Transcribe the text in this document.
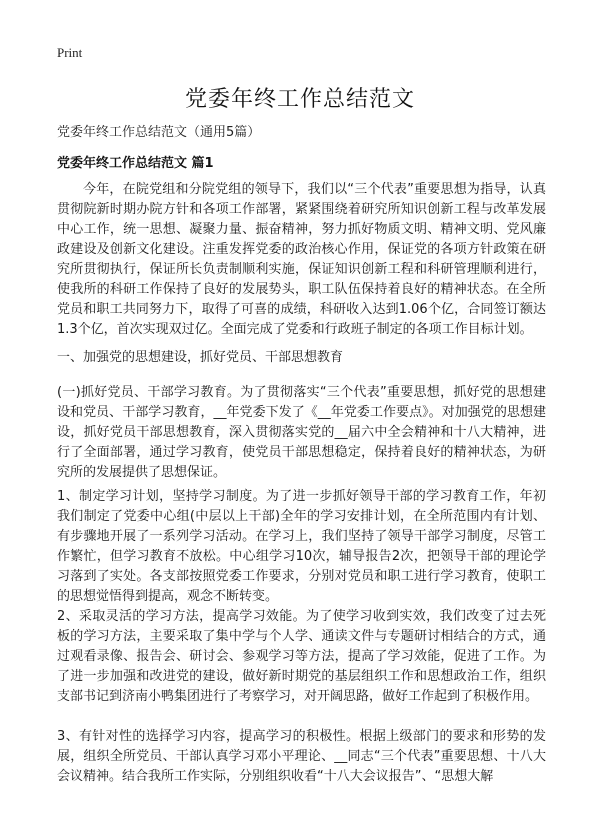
Print
党委年终工作总结范文

党委年终工作总结范文（通用5篇）

党委年终工作总结范文 篇1

今年，在院党组和分院党组的领导下，我们以“三个代表”重要思想为指导，认真贯彻院新时期办院方针和各项工作部署，紧紧围绕着研究所知识创新工程与改革发展中心工作，统一思想、凝聚力量、振奋精神，努力抓好物质文明、精神文明、党风廉政建设及创新文化建设。注重发挥党委的政治核心作用，保证党的各项方针政策在研究所贯彻执行，保证所长负责制顺利实施，保证知识创新工程和科研管理顺利进行，使我所的科研工作保持了良好的发展势头，职工队伍保持着良好的精神状态。在全所党员和职工共同努力下，取得了可喜的成绩，科研收入达到1.06个亿，合同签订额达1.3个亿，首次实现双过亿。全面完成了党委和行政班子制定的各项工作目标计划。

一、加强党的思想建设，抓好党员、干部思想教育

(一)抓好党员、干部学习教育。为了贯彻落实“三个代表”重要思想，抓好党的思想建设和党员、干部学习教育，__年党委下发了《__年党委工作要点》。对加强党的思想建设，抓好党员干部思想教育，深入贯彻落实党的__届六中全会精神和十八大精神，进行了全面部署，通过学习教育，使党员干部思想稳定，保持着良好的精神状态，为研究所的发展提供了思想保证。

1、制定学习计划，坚持学习制度。为了进一步抓好领导干部的学习教育工作，年初我们制定了党委中心组(中层以上干部)全年的学习安排计划，在全所范围内有计划、有步骤地开展了一系列学习活动。在学习上，我们坚持了领导干部学习制度，尽管工作繁忙，但学习教育不放松。中心组学习10次，辅导报告2次，把领导干部的理论学习落到了实处。各支部按照党委工作要求，分别对党员和职工进行学习教育，使职工的思想觉悟得到提高，观念不断转变。

2、采取灵活的学习方法，提高学习效能。为了使学习收到实效，我们改变了过去死板的学习方法，主要采取了集中学与个人学、通读文件与专题研讨相结合的方式，通过观看录像、报告会、研讨会、参观学习等方法，提高了学习效能，促进了工作。为了进一步加强和改进党的建设，做好新时期党的基层组织工作和思想政治工作，组织支部书记到济南小鸭集团进行了考察学习，对开阔思路，做好工作起到了积极作用。

3、有针对性的选择学习内容，提高学习的积极性。根据上级部门的要求和形势的发展，组织全所党员、干部认真学习邓小平理论、__同志“三个代表”重要思想、十八大会议精神。结合我所工作实际，分别组织收看“十八大会议报告”、“思想大解
